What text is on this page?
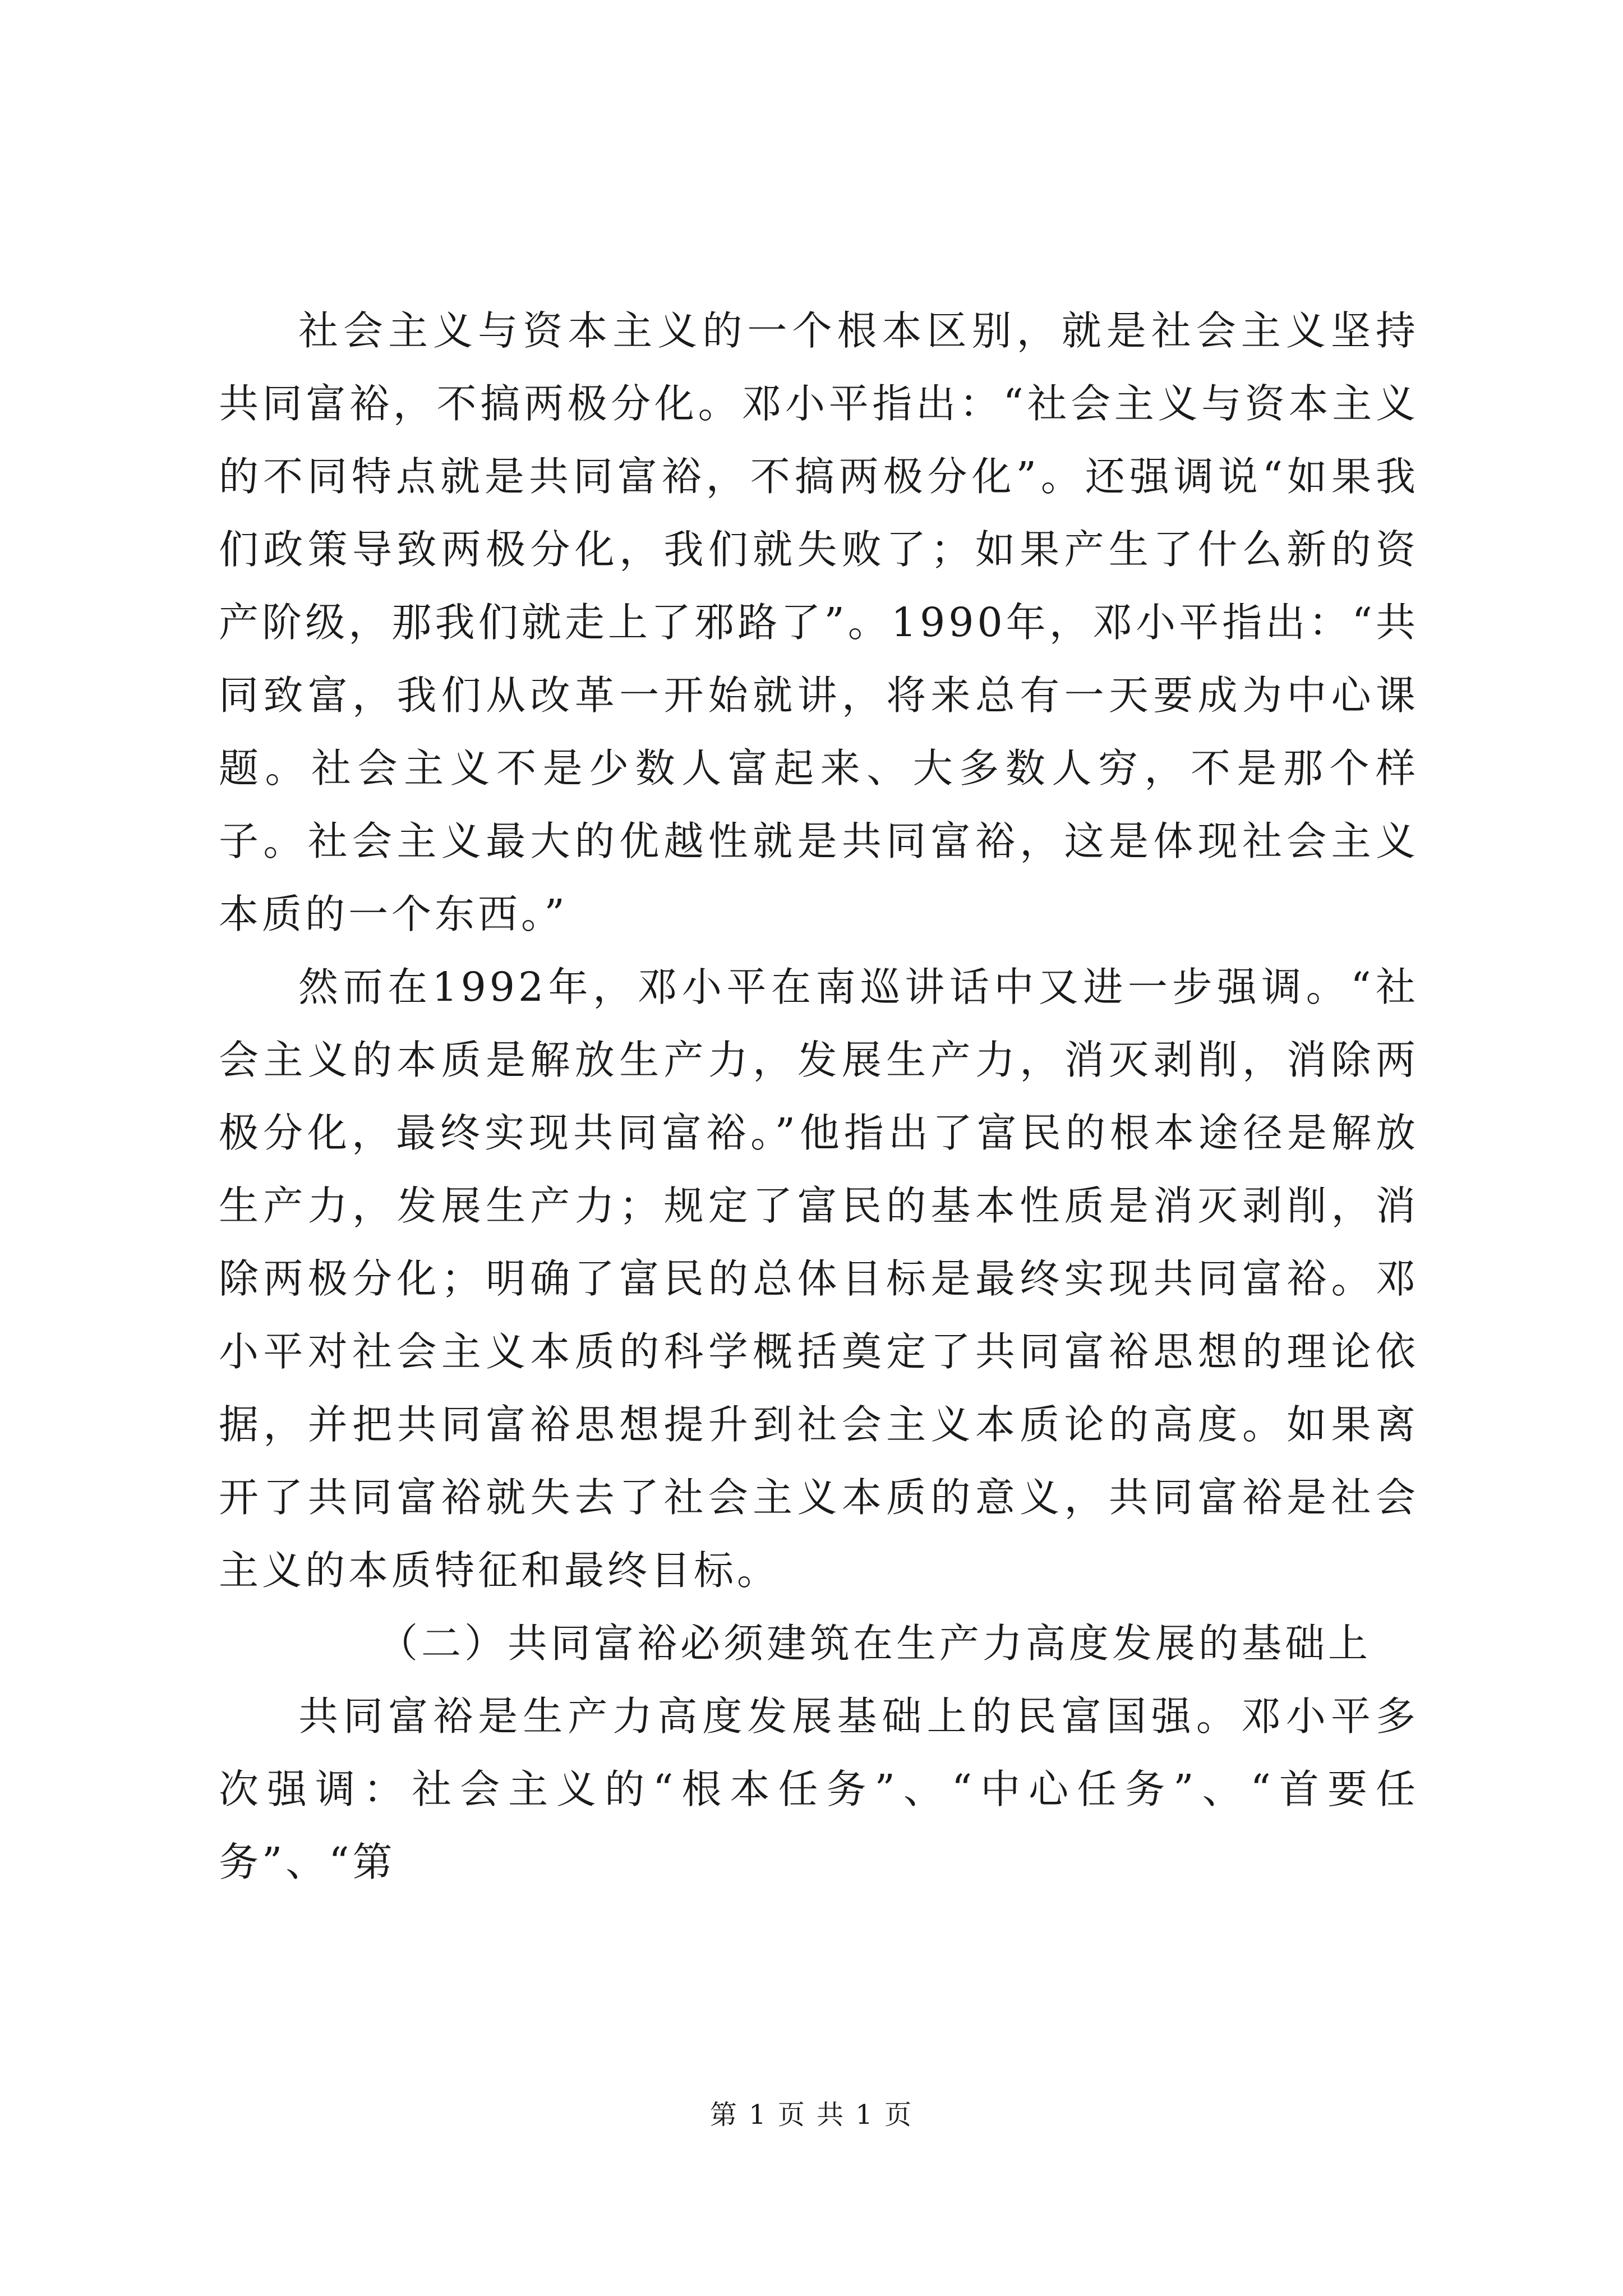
社会主义与资本主义的一个根本区别，就是社会主义坚持共同富裕，不搞两极分化。邓小平指出：“社会主义与资本主义的不同特点就是共同富裕，不搞两极分化”。还强调说“如果我们政策导致两极分化，我们就失败了；如果产生了什么新的资产阶级，那我们就走上了邪路了”。1990年，邓小平指出：“共同致富，我们从改革一开始就讲，将来总有一天要成为中心课题。社会主义不是少数人富起来、大多数人穷，不是那个样子。社会主义最大的优越性就是共同富裕，这是体现社会主义本质的一个东西。”

然而在1992年，邓小平在南巡讲话中又进一步强调。“社会主义的本质是解放生产力，发展生产力，消灭剥削，消除两极分化，最终实现共同富裕。”他指出了富民的根本途径是解放生产力，发展生产力；规定了富民的基本性质是消灭剥削，消除两极分化；明确了富民的总体目标是最终实现共同富裕。邓小平对社会主义本质的科学概括奠定了共同富裕思想的理论依据，并把共同富裕思想提升到社会主义本质论的高度。如果离开了共同富裕就失去了社会主义本质的意义，共同富裕是社会主义的本质特征和最终目标。

（二）共同富裕必须建筑在生产力高度发展的基础上

共同富裕是生产力高度发展基础上的民富国强。邓小平多次强调：社会主义的“根本任务”、“中心任务”、“首要任务”、“第

第 1 页 共 1 页
